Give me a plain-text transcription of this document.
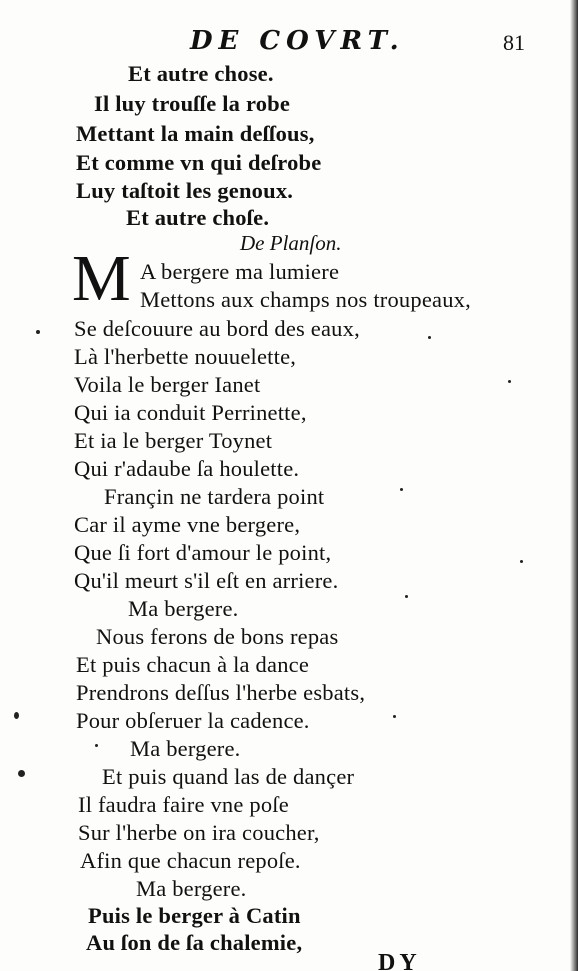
DE COVRT.	81
Et autre chose.
Il luy trouſſe la robe
Mettant la main deſſous,
Et comme vn qui deſrobe
Luy taſtoit les genoux.
Et autre choſe.
De Planſon.
M A bergere ma lumiere
Mettons aux champs nos troupeaux,
Se deſcouure au bord des eaux,
Là l'herbette nouuelette,
Voila le berger Ianet
Qui ia conduit Perrinette,
Et ia le berger Toynet
Qui r'adaube ſa houlette.
Françin ne tardera point
Car il ayme vne bergere,
Que ſi fort d'amour le point,
Qu'il meurt s'il eſt en arriere.
Ma bergere.
Nous ferons de bons repas
Et puis chacun à la dance
Prendrons deſſus l'herbe esbats,
Pour obſeruer la cadence.
Ma bergere.
Et puis quand las de dançer
Il faudra faire vne poſe
Sur l'herbe on ira coucher,
Afin que chacun repoſe.
Ma bergere.
Puis le berger à Catin
Au ſon de ſa chalemie,
DY
